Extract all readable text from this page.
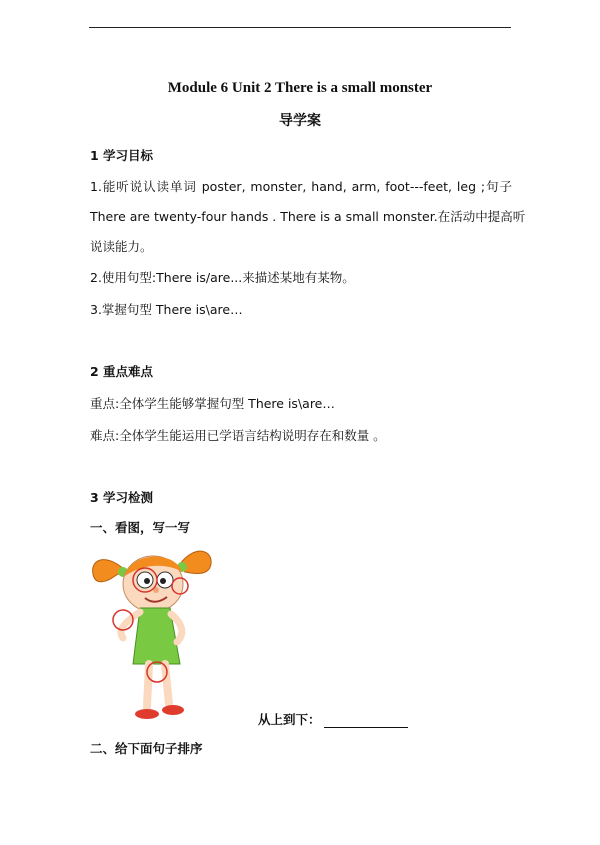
Module 6 Unit 2 There is a small monster
导学案
1 学习目标
1.能听说认读单词 poster, monster, hand, arm, foot---feet, leg ;句子
There are twenty-four hands . There is a small monster.在活动中提高听
说读能力。
2.使用句型:There is/are...来描述某地有某物。
3.掌握句型 There is\are…
2 重点难点
重点:全体学生能够掌握句型 There is\are…
难点:全体学生能运用已学语言结构说明存在和数量 。
3 学习检测
一、看图，写一写
从上到下：
二、给下面句子排序
